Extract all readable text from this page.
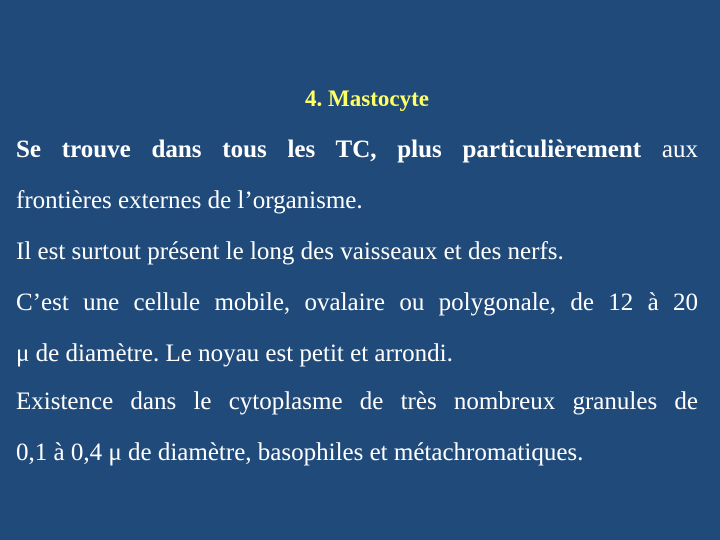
4. Mastocyte
Se trouve dans tous les TC, plus particulièrement aux
frontières externes de l’organisme.
Il est surtout présent le long des vaisseaux et des nerfs.
C’est une cellule mobile, ovalaire ou polygonale, de 12 à 20
μ de diamètre. Le noyau est petit et arrondi.
Existence dans le cytoplasme de très nombreux granules de
0,1 à 0,4 μ de diamètre, basophiles et métachromatiques.
